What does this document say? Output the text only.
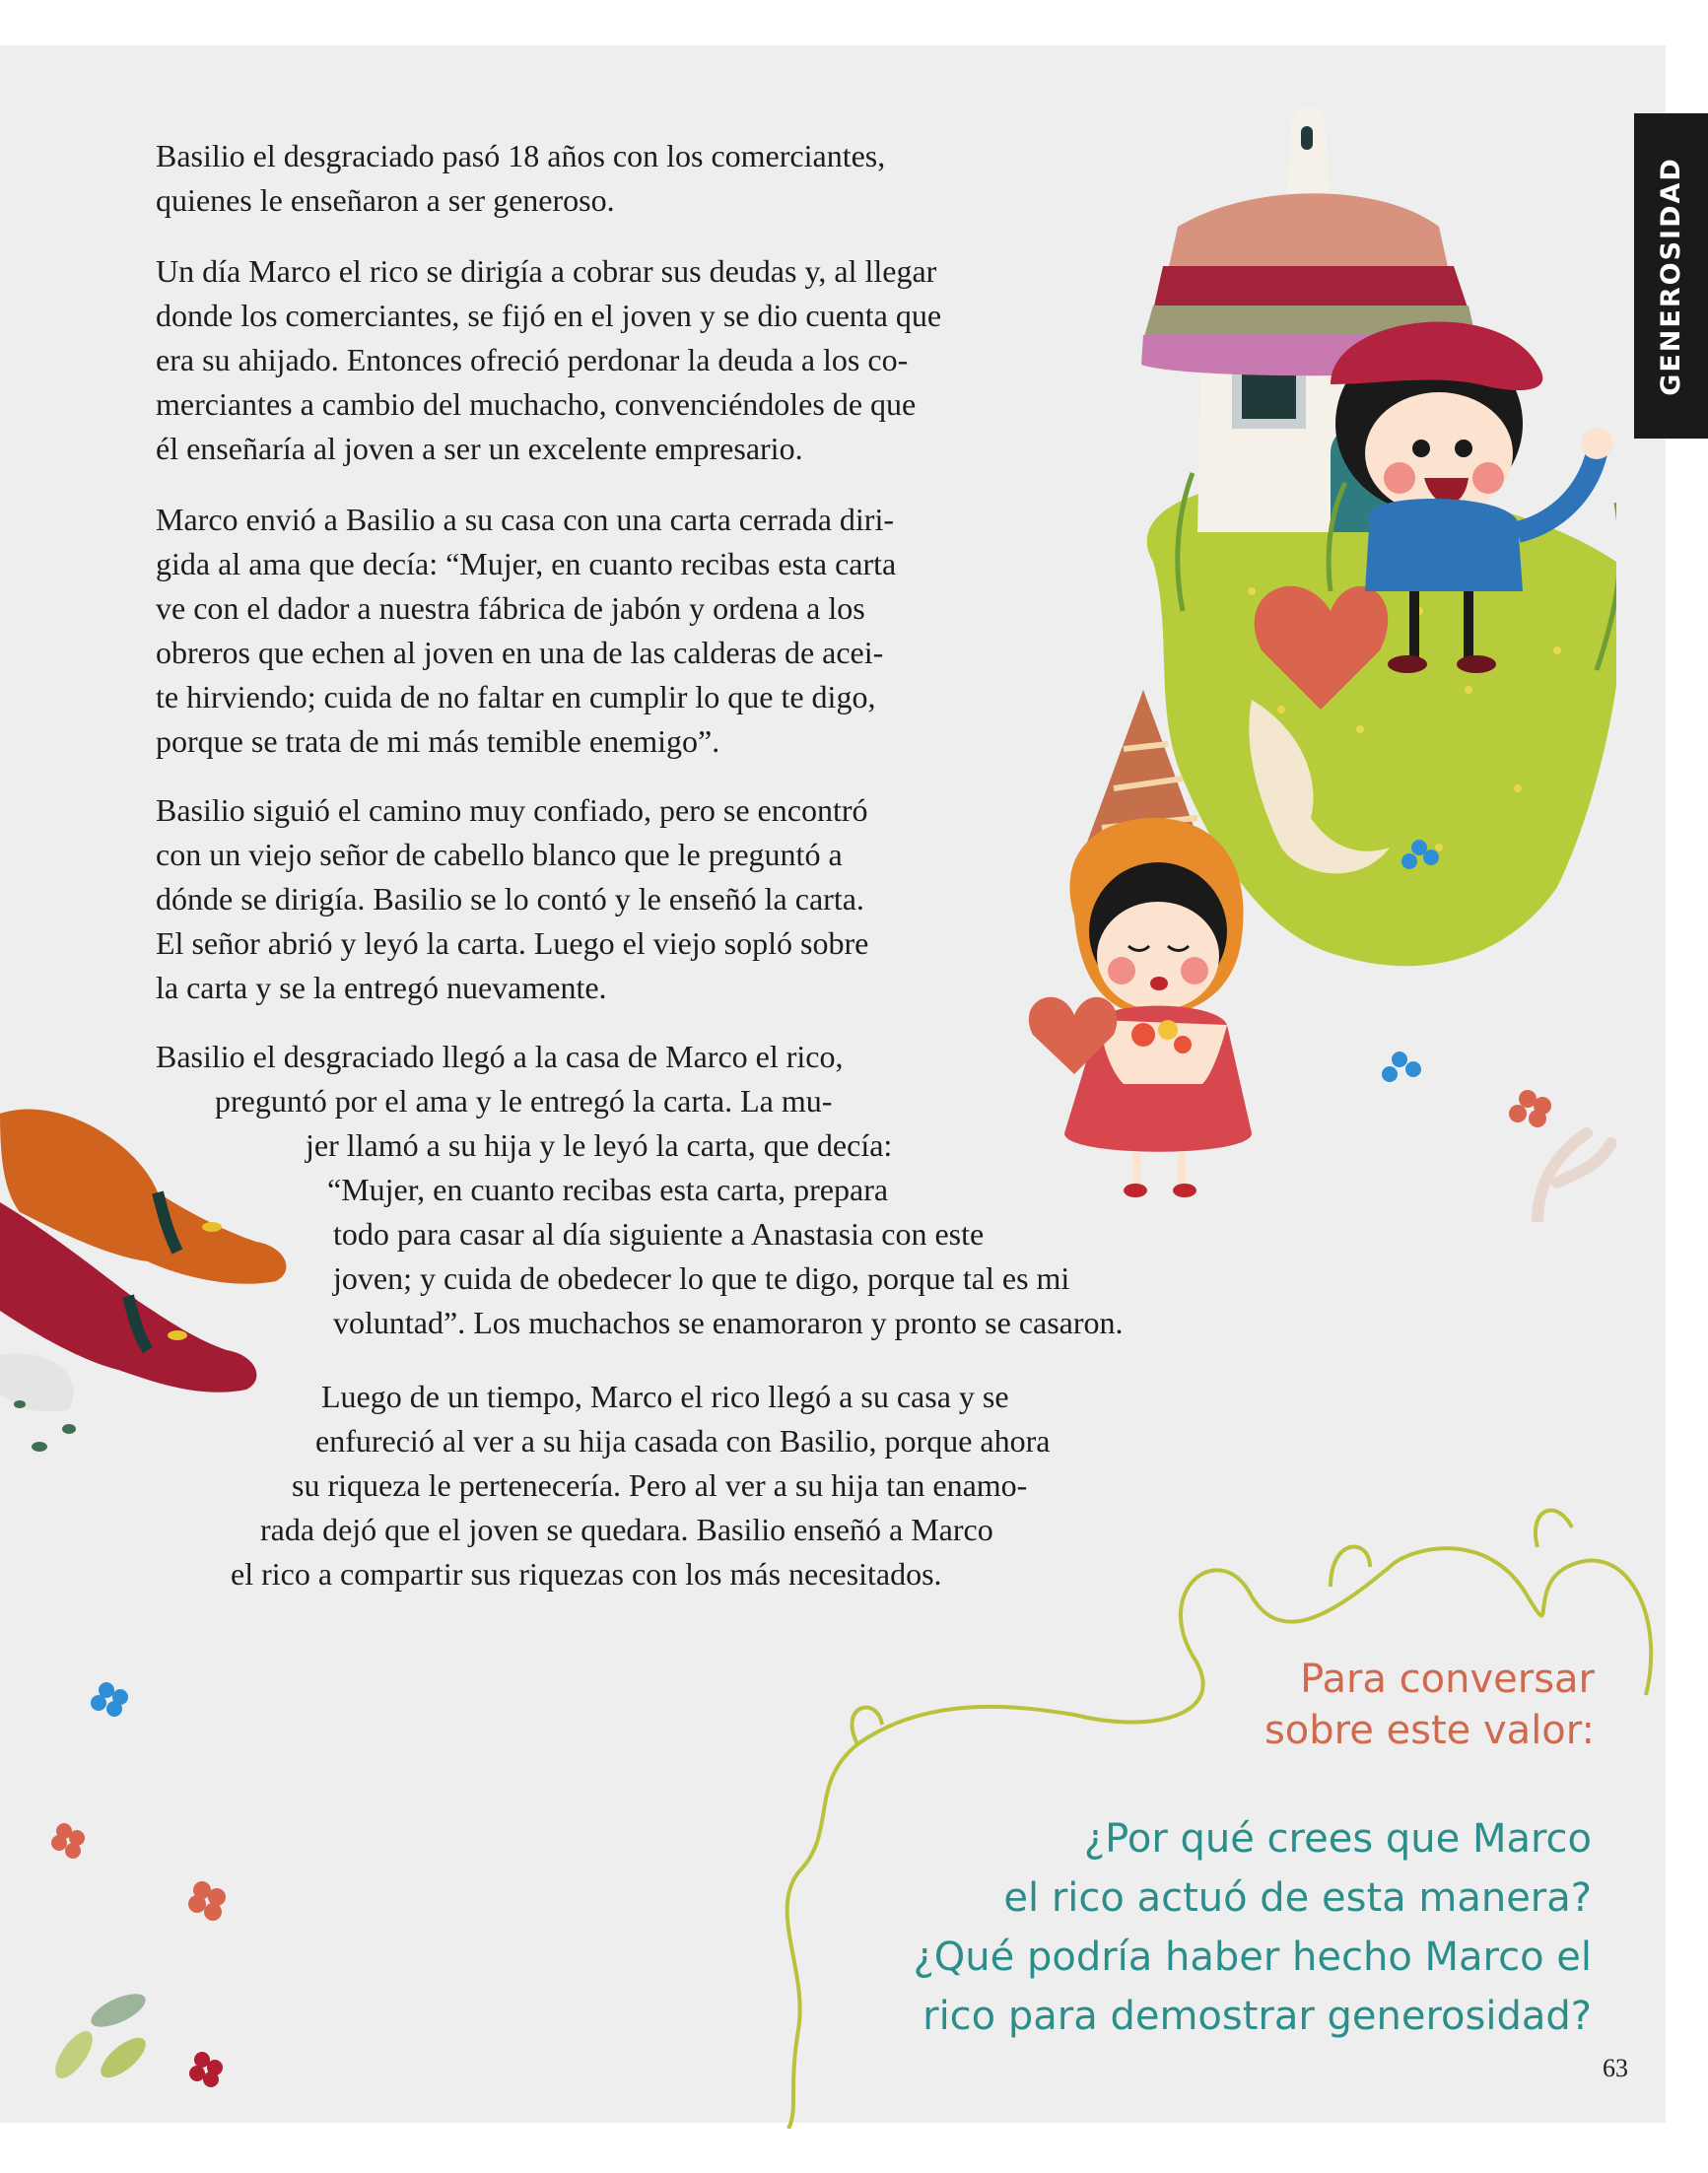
GENEROSIDAD

Basilio el desgraciado pasó 18 años con los comerciantes,
quienes le enseñaron a ser generoso.

Un día Marco el rico se dirigía a cobrar sus deudas y, al llegar
donde los comerciantes, se fijó en el joven y se dio cuenta que
era su ahijado. Entonces ofreció perdonar la deuda a los co-
merciantes a cambio del muchacho, convenciéndoles de que
él enseñaría al joven a ser un excelente empresario.

Marco envió a Basilio a su casa con una carta cerrada diri-
gida al ama que decía: “Mujer, en cuanto recibas esta carta
ve con el dador a nuestra fábrica de jabón y ordena a los
obreros que echen al joven en una de las calderas de acei-
te hirviendo; cuida de no faltar en cumplir lo que te digo,
porque se trata de mi más temible enemigo”.

Basilio siguió el camino muy confiado, pero se encontró
con un viejo señor de cabello blanco que le preguntó a
dónde se dirigía. Basilio se lo contó y le enseñó la carta.
El señor abrió y leyó la carta. Luego el viejo sopló sobre
la carta y se la entregó nuevamente.

Basilio el desgraciado llegó a la casa de Marco el rico,
preguntó por el ama y le entregó la carta. La mu-
jer llamó a su hija y le leyó la carta, que decía:
“Mujer, en cuanto recibas esta carta, prepara
todo para casar al día siguiente a Anastasia con este
joven; y cuida de obedecer lo que te digo, porque tal es mi
voluntad”. Los muchachos se enamoraron y pronto se casaron.

Luego de un tiempo, Marco el rico llegó a su casa y se
enfureció al ver a su hija casada con Basilio, porque ahora
su riqueza le pertenecería. Pero al ver a su hija tan enamo-
rada dejó que el joven se quedara. Basilio enseñó a Marco
el rico a compartir sus riquezas con los más necesitados.

Para conversar
sobre este valor:
¿Por qué crees que Marco
el rico actuó de esta manera?
¿Qué podría haber hecho Marco el
rico para demostrar generosidad?
63
